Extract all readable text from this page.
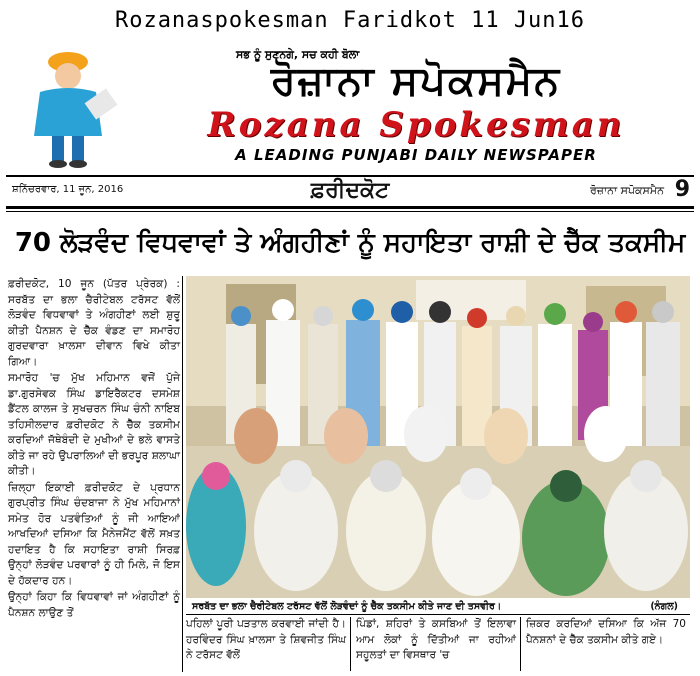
Rozanaspokesman Faridkot 11 Jun16
ਸਭ ਨੂੰ ਸੁਣਨਗੇ, ਸਚ ਕਹੀ ਬੋਲਾ
ਰੋਜ਼ਾਨਾ ਸਪੋਕਸਮੈਨ
Rozana Spokesman
A LEADING PUNJABI DAILY NEWSPAPER
ਸ਼ਨਿੱਚਰਵਾਰ, 11 ਜੂਨ, 2016	ਫ਼ਰੀਦਕੋਟ	ਰੋਜ਼ਾਨਾ ਸਪੋਕਸਮੈਨ 9
70 ਲੋੜਵੰਦ ਵਿਧਵਾਵਾਂ ਤੇ ਅੰਗਹੀਣਾਂ ਨੂੰ ਸਹਾਇਤਾ ਰਾਸ਼ੀ ਦੇ ਚੈੱਕ ਤਕਸੀਮ

ਫ਼ਰੀਦਕੋਟ, 10 ਜੂਨ (ਪੱਤਰ ਪ੍ਰੇਰਕ) : ਸਰਬੱਤ ਦਾ ਭਲਾ ਚੈਰੀਟੇਬਲ ਟਰੱਸਟ ਵੱਲੋਂ ਲੋੜਵੰਦ ਵਿਧਵਾਵਾਂ ਤੇ ਅੰਗਹੀਣਾਂ ਲਈ ਸ਼ੁਰੂ ਕੀਤੀ ਪੈਨਸ਼ਨ ਦੇ ਚੈੱਕ ਵੰਡਣ ਦਾ ਸਮਾਰੋਹ ਗੁਰਦਵਾਰਾ ਖ਼ਾਲਸਾ ਦੀਵਾਨ ਵਿਖੇ ਕੀਤਾ ਗਿਆ।

ਸਮਾਰੋਹ 'ਚ ਮੁੱਖ ਮਹਿਮਾਨ ਵਜੋਂ ਪੁੱਜੇ ਡਾ.ਗੁਰਸੇਵਕ ਸਿੰਘ ਡਾਇਰੈਕਟਰ ਦਸਮੇਸ਼ ਡੈਂਟਲ ਕਾਲਜ ਤੇ ਸੁਖਚਰਨ ਸਿੰਘ ਚੰਨੀ ਨਾਇਬ ਤਹਿਸੀਲਦਾਰ ਫ਼ਰੀਦਕੋਟ ਨੇ ਚੈੱਕ ਤਕਸੀਮ ਕਰਦਿਆਂ ਜੱਥੇਬੰਦੀ ਦੇ ਮੁਖੀਆਂ ਦੇ ਭਲੇ ਵਾਸਤੇ ਕੀਤੇ ਜਾ ਰਹੇ ਉਪਰਾਲਿਆਂ ਦੀ ਭਰਪੂਰ ਸ਼ਲਾਘਾ ਕੀਤੀ।

ਜ਼ਿਲ੍ਹਾ ਇਕਾਈ ਫ਼ਰੀਦਕੋਟ ਦੇ ਪ੍ਰਧਾਨ ਗੁਰਪ੍ਰੀਤ ਸਿੰਘ ਚੰਦਬਾਜਾ ਨੇ ਮੁੱਖ ਮਹਿਮਾਨਾਂ ਸਮੇਤ ਹੋਰ ਪਤਵੰਤਿਆਂ ਨੂੰ ਜੀ ਆਇਆਂ ਆਖਦਿਆਂ ਦਸਿਆ ਕਿ ਮੈਨੇਜਮੈਂਟ ਵੱਲੋਂ ਸਖ਼ਤ ਹਦਾਇਤ ਹੈ ਕਿ ਸਹਾਇਤਾ ਰਾਸ਼ੀ ਸਿਰਫ਼ ਉਨ੍ਹਾਂ ਲੋੜਵੰਦ ਪਰਵਾਰਾਂ ਨੂੰ ਹੀ ਮਿਲੇ, ਜੋ ਇਸ ਦੇ ਹੱਕਦਾਰ ਹਨ।

ਉਨ੍ਹਾਂ ਕਿਹਾ ਕਿ ਵਿਧਵਾਵਾਂ ਜਾਂ ਅੰਗਹੀਣਾਂ ਨੂੰ ਪੈਨਸ਼ਨ ਲਾਉਣ ਤੋਂ	ਸਰਬੱਤ ਦਾ ਭਲਾ ਚੈਰੀਟੇਬਲ ਟਰੱਸਟ ਵੱਲੋਂ ਲੋੜਵੰਦਾਂ ਨੂੰ ਚੈੱਕ ਤਕਸੀਮ ਕੀਤੇ ਜਾਣ ਦੀ ਤਸਵੀਰ।	(ਨੰਗਲ)
ਪਹਿਲਾਂ ਪੂਰੀ ਪੜਤਾਲ ਕਰਵਾਈ ਜਾਂਦੀ ਹੈ। ਹਰਵਿੰਦਰ ਸਿੰਘ ਖ਼ਾਲਸਾ ਤੇ ਸ਼ਿਵਜੀਤ ਸਿੰਘ ਨੇ ਟਰੱਸਟ ਵੱਲੋਂ
ਪਿੰਡਾਂ, ਸ਼ਹਿਰਾਂ ਤੇ ਕਸਬਿਆਂ ਤੋਂ ਇਲਾਵਾ ਆਮ ਲੋਕਾਂ ਨੂੰ ਦਿੱਤੀਆਂ ਜਾ ਰਹੀਆਂ ਸਹੂਲਤਾਂ ਦਾ ਵਿਸਥਾਰ 'ਚ
ਜ਼ਿਕਰ ਕਰਦਿਆਂ ਦਸਿਆ ਕਿ ਅੱਜ 70 ਪੈਨਸ਼ਨਾਂ ਦੇ ਚੈੱਕ ਤਕਸੀਮ ਕੀਤੇ ਗਏ।
